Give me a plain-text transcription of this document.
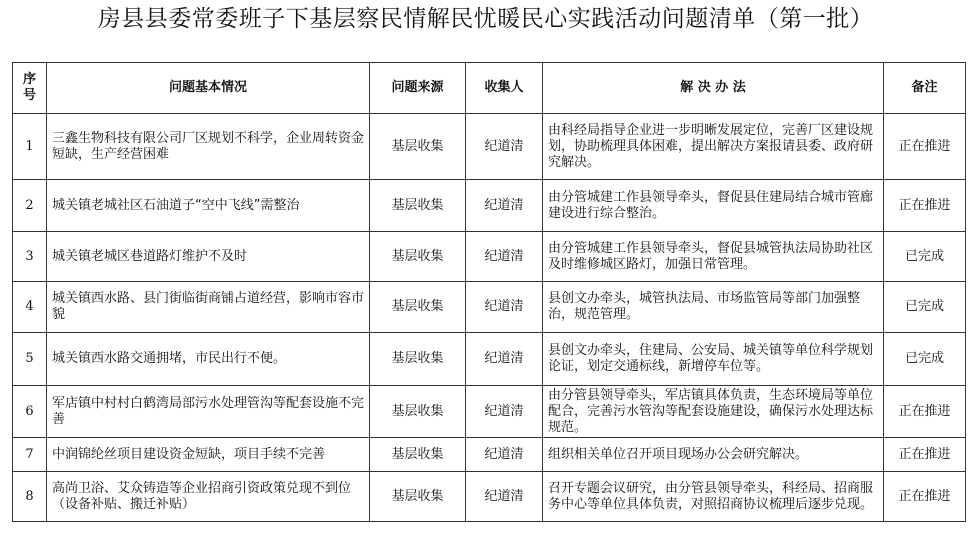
房县县委常委班子下基层察民情解民忧暖民心实践活动问题清单（第一批）
序
号	问题基本情况	问题来源	收集人	解 决 办 法	备注
1	三鑫生物科技有限公司厂区规划不科学，企业周转资金短缺，生产经营困难	基层收集	纪道清	由科经局指导企业进一步明晰发展定位，完善厂区建设规划，协助梳理具体困难，提出解决方案报请县委、政府研究解决。	正在推进
2	城关镇老城社区石油道子“空中飞线”需整治	基层收集	纪道清	由分管城建工作县领导牵头，督促县住建局结合城市管廊建设进行综合整治。	正在推进
3	城关镇老城区巷道路灯维护不及时	基层收集	纪道清	由分管城建工作县领导牵头，督促县城管执法局协助社区及时维修城区路灯，加强日常管理。	已完成
4	城关镇西水路、县门街临街商铺占道经营，影响市容市貌	基层收集	纪道清	县创文办牵头，城管执法局、市场监管局等部门加强整治，规范管理。	已完成
5	城关镇西水路交通拥堵，市民出行不便。	基层收集	纪道清	县创文办牵头，住建局、公安局、城关镇等单位科学规划论证，划定交通标线，新增停车位等。	已完成
6	军店镇中村村白鹤湾局部污水处理管沟等配套设施不完善	基层收集	纪道清	由分管县领导牵头，军店镇具体负责，生态环境局等单位配合，完善污水管沟等配套设施建设，确保污水处理达标规范。	正在推进
7	中润锦纶丝项目建设资金短缺，项目手续不完善	基层收集	纪道清	组织相关单位召开项目现场办公会研究解决。	正在推进
8	高尚卫浴、艾众铸造等企业招商引资政策兑现不到位（设备补贴、搬迁补贴）	基层收集	纪道清	召开专题会议研究，由分管县领导牵头，科经局、招商服务中心等单位具体负责，对照招商协议梳理后逐步兑现。	正在推进
